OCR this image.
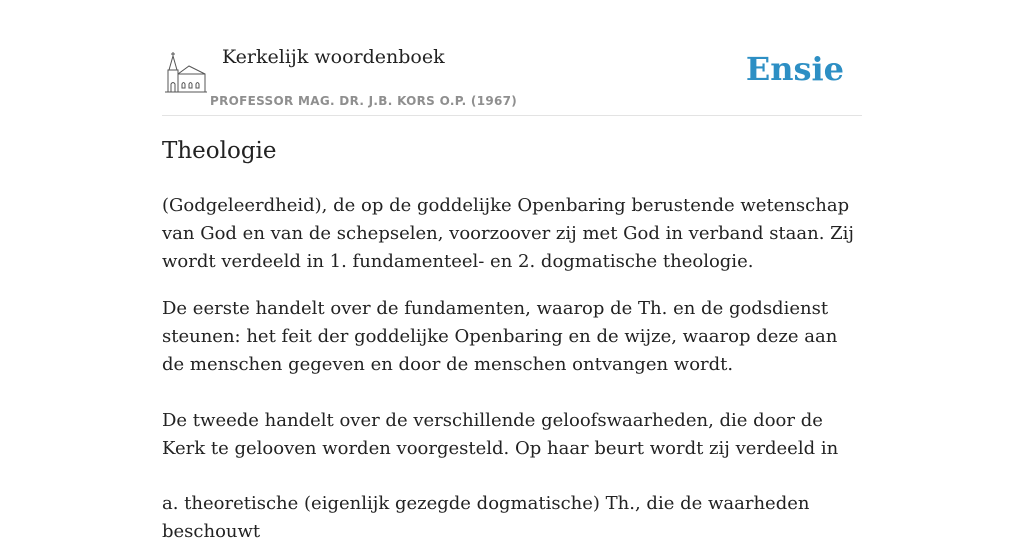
Kerkelijk woordenboek
PROFESSOR MAG. DR. J.B. KORS O.P. (1967)
Ensie
Theologie

(Godgeleerdheid), de op de goddelijke Openbaring berustende wetenschap van God en van de schepselen, voorzoover zij met God in verband staan. Zij wordt verdeeld in 1. fundamenteel- en 2. dogmatische theologie.

De eerste handelt over de fundamenten, waarop de Th. en de godsdienst steunen: het feit der goddelijke Openbaring en de wijze, waarop deze aan de menschen gegeven en door de menschen ontvangen wordt.

De tweede handelt over de verschillende geloofswaarheden, die door de Kerk te gelooven worden voorgesteld. Op haar beurt wordt zij verdeeld in

a. theoretische (eigenlijk gezegde dogmatische) Th., die de waarheden beschouwt
